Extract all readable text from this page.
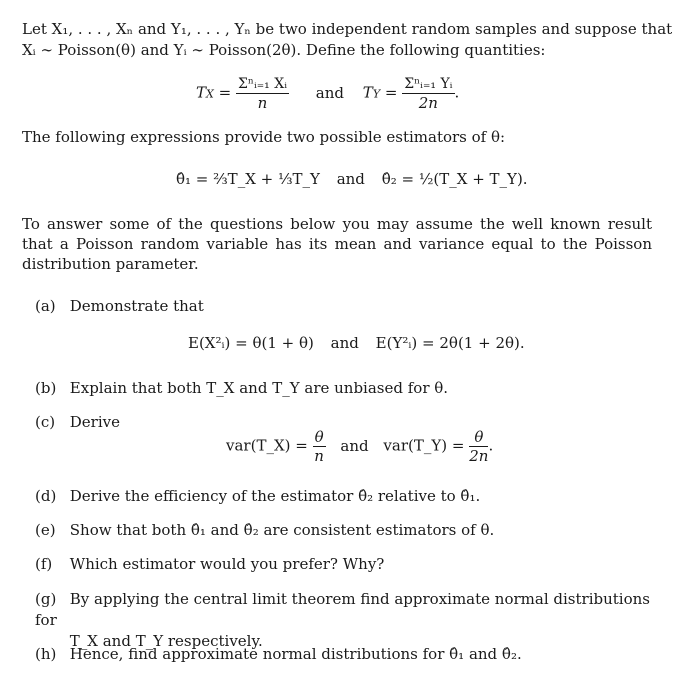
Let X₁, . . . , Xₙ and Y₁, . . . , Yₙ be two independent random samples and suppose that
Xᵢ ∼ Poisson(θ) and Yᵢ ∼ Poisson(2θ). Define the following quantities:
TX = $\frac{\text{Σⁿᵢ₌₁ Xᵢ}}{n}$ and TY = $\frac{\text{Σⁿᵢ₌₁ Yᵢ}}{2n}$ .
The following expressions provide two possible estimators of θ:
θ̂₁ = ⅔T_X + ⅓T_Y and θ̂₂ = ½(T_X + T_Y).
To answer some of the questions below you may assume the well known result that a Poisson random variable has its mean and variance equal to the Poisson distribution parameter.
(a) Demonstrate that
E(X²ᵢ) = θ(1 + θ) and E(Y²ᵢ) = 2θ(1 + 2θ).
(b) Explain that both T_X and T_Y are unbiased for θ.
(c) Derive
var(T_X) = $\frac{\theta}{n}$ and var(T_Y) = $\frac{\theta}{2n}$ .
(d) Derive the efficiency of the estimator θ̂₂ relative to θ̂₁.
(e) Show that both θ̂₁ and θ̂₂ are consistent estimators of θ.
(f) Which estimator would you prefer? Why?
(g) By applying the central limit theorem find approximate normal distributions for
T_X and T_Y respectively.
(h) Hence, find approximate normal distributions for θ̂₁ and θ̂₂.
